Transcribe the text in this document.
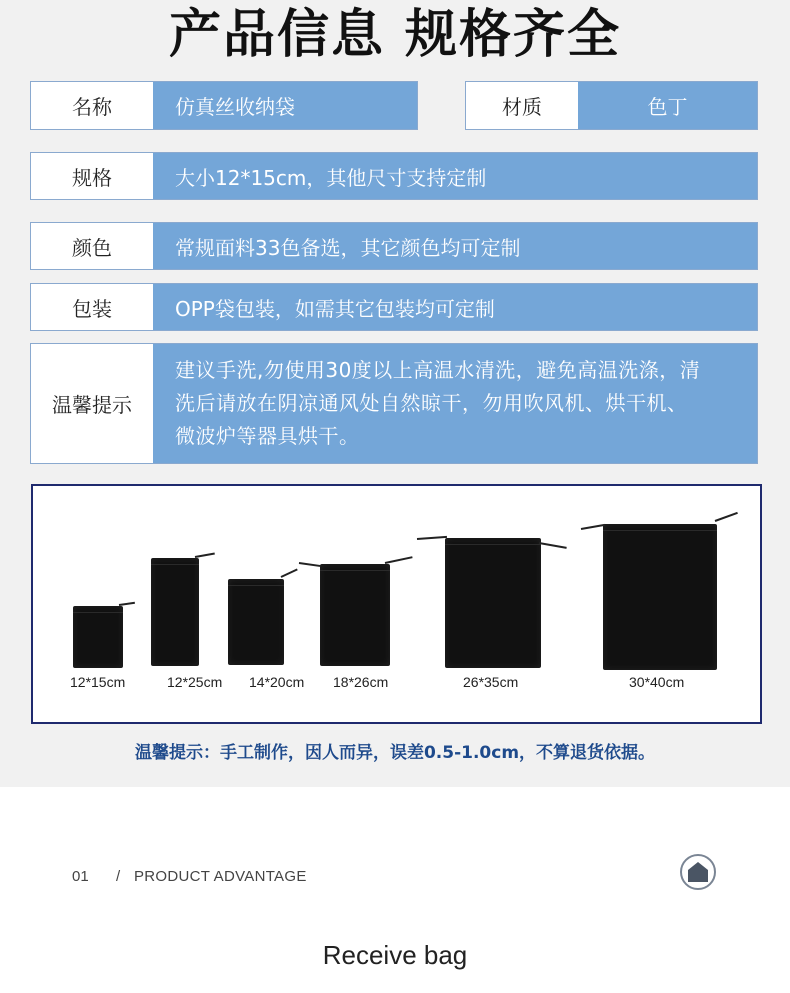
产品信息 规格齐全
名称	仿真丝收纳袋	材质	色丁
规格	大小12*15cm，其他尺寸支持定制
颜色	常规面料33色备选，其它颜色均可定制
包装	OPP袋包装，如需其它包装均可定制
温馨提示
建议手洗,勿使用30度以上高温水清洗，避免高温洗涤，清
洗后请放在阴凉通风处自然晾干，勿用吹风机、烘干机、
微波炉等器具烘干。
12*15cm	12*25cm 14*20cm 18*26cm	26*35cm	30*40cm
温馨提示：手工制作，因人而异，误差0.5-1.0cm，不算退货依据。
01 / PRODUCT ADVANTAGE
Receive bag
